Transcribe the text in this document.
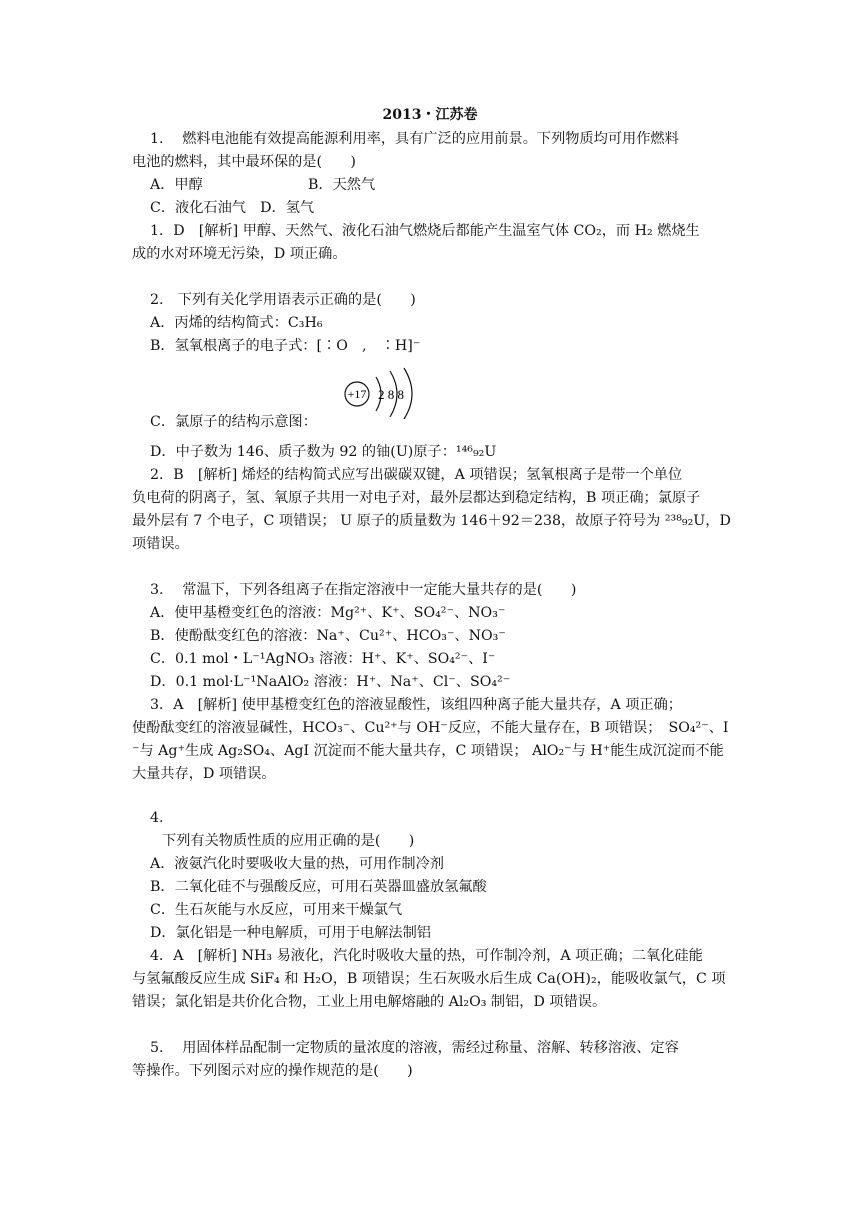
2013・江苏卷
1.　 燃料电池能有效提高能源利用率，具有广泛的应用前景。下列物质均可用作燃料
电池的燃料，其中最环保的是(　　)
A．甲醇	B．天然气
C．液化石油气　D．氢气
1．D　[解析] 甲醇、天然气、液化石油气燃烧后都能产生温室气体 CO₂，而 H₂ 燃烧生
成的水对环境无污染，D 项正确。
2.　下列有关化学用语表示正确的是(　　)
A．丙烯的结构简式：C₃H₆
B．氢氧根离子的电子式：[∶O　,　∶H]⁻
+17 2 8 8
C．氯原子的结构示意图：
D．中子数为 146、质子数为 92 的铀(U)原子：¹⁴⁶₉₂U
2．B　[解析] 烯烃的结构简式应写出碳碳双键，A 项错误；氢氧根离子是带一个单位
负电荷的阴离子，氢、氧原子共用一对电子对，最外层都达到稳定结构，B 项正确；氯原子
最外层有 7 个电子，C 项错误； U 原子的质量数为 146＋92＝238，故原子符号为 ²³⁸₉₂U，D
项错误。
3.　 常温下，下列各组离子在指定溶液中一定能大量共存的是(　　)
A．使甲基橙变红色的溶液：Mg²⁺、K⁺、SO₄²⁻、NO₃⁻
B．使酚酞变红色的溶液：Na⁺、Cu²⁺、HCO₃⁻、NO₃⁻
C．0.1 mol・L⁻¹AgNO₃ 溶液：H⁺、K⁺、SO₄²⁻、I⁻
D．0.1 mol·L⁻¹NaAlO₂ 溶液：H⁺、Na⁺、Cl⁻、SO₄²⁻
3．A　[解析] 使甲基橙变红色的溶液显酸性，该组四种离子能大量共存，A 项正确；
使酚酞变红的溶液显碱性，HCO₃⁻、Cu²⁺与 OH⁻反应，不能大量存在，B 项错误；　SO₄²⁻、I
⁻与 Ag⁺生成 Ag₂SO₄、AgI 沉淀而不能大量共存，C 项错误； AlO₂⁻与 H⁺能生成沉淀而不能
大量共存，D 项错误。
4.
下列有关物质性质的应用正确的是(　　)
A．液氨汽化时要吸收大量的热，可用作制冷剂
B．二氧化硅不与强酸反应，可用石英器皿盛放氢氟酸
C．生石灰能与水反应，可用来干燥氯气
D．氯化铝是一种电解质，可用于电解法制铝
4．A　[解析] NH₃ 易液化，汽化时吸收大量的热，可作制冷剂，A 项正确；二氧化硅能
与氢氟酸反应生成 SiF₄ 和 H₂O，B 项错误；生石灰吸水后生成 Ca(OH)₂，能吸收氯气，C 项
错误；氯化铝是共价化合物，工业上用电解熔融的 Al₂O₃ 制铝，D 项错误。
5.　 用固体样品配制一定物质的量浓度的溶液，需经过称量、溶解、转移溶液、定容
等操作。下列图示对应的操作规范的是(　　)
